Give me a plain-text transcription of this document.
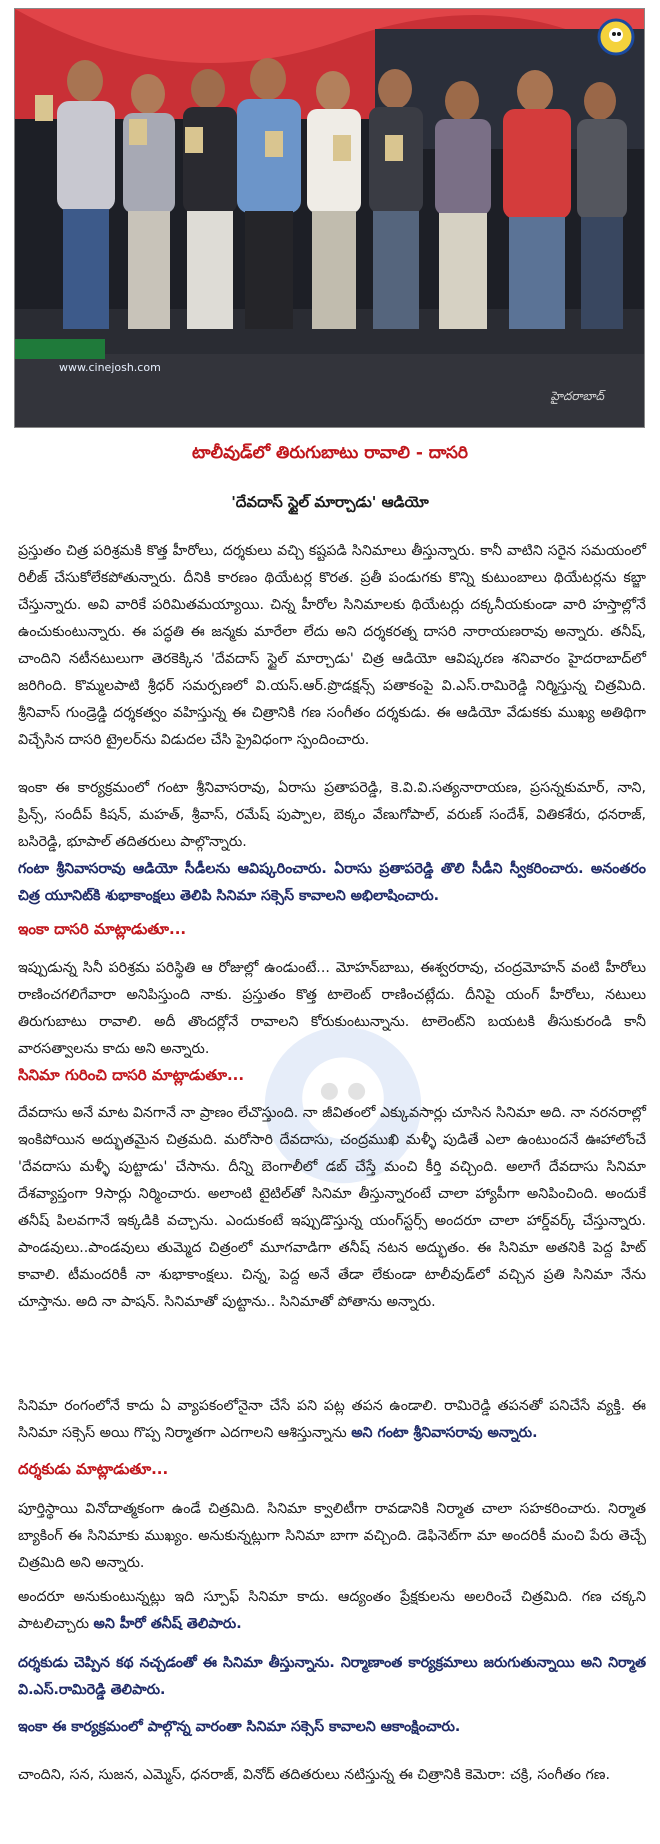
www.cinejosh.com
హైదరాబాద్
టాలీవుడ్‌లో తిరుగుబాటు రావాలి - దాసరి
'దేవదాస్ స్టైల్ మార్చాడు' ఆడియో

ప్రస్తుతం చిత్ర పరిశ్రమకి కొత్త హీరోలు, దర్శకులు వచ్చి కష్టపడి సినిమాలు తీస్తున్నారు. కానీ వాటిని సరైన సమయంలో రిలీజ్ చేసుకోలేకపోతున్నారు. దీనికి కారణం థియేటర్ల కొరత. ప్రతీ పండుగకు కొన్ని కుటుంబాలు థియేటర్లను కబ్జా చేస్తున్నారు. అవి వారికే పరిమితమయ్యాయి. చిన్న హీరోల సినిమాలకు థియేటర్లు దక్కనీయకుండా వారి హస్తాల్లోనే ఉంచుకుంటున్నారు. ఈ పద్ధతి ఈ జన్మకు మారేలా లేదు అని దర్శకరత్న దాసరి నారాయణరావు అన్నారు. తనీష్, చాందిని నటీనటులుగా తెరకెక్కిన 'దేవదాస్ స్టైల్ మార్చాడు' చిత్ర ఆడియో ఆవిష్కరణ శనివారం హైదరాబాద్‌లో జరిగింది. కొమ్మలపాటి శ్రీధర్ సమర్పణలో వి.యస్.ఆర్.ప్రొడక్షన్స్ పతాకంపై వి.ఎస్.రామిరెడ్డి నిర్మిస్తున్న చిత్రమిది. శ్రీనివాస్ గుండ్రెడ్డి దర్శకత్వం వహిస్తున్న ఈ చిత్రానికి గణ సంగీతం దర్శకుడు. ఈ ఆడియో వేడుకకు ముఖ్య అతిథిగా విచ్చేసిన దాసరి ట్రైలర్‌ను విడుదల చేసి ప్రైవిధంగా స్పందించారు.

ఇంకా ఈ కార్యక్రమంలో గంటా శ్రీనివాసరావు, ఏరాసు ప్రతాపరెడ్డి, కె.వి.వి.సత్యనారాయణ, ప్రసన్నకుమార్, నాని, ప్రిన్స్, సందీప్ కిషన్, మహత్, శ్రీవాస్, రమేష్ పుప్పాల, బెక్కం వేణుగోపాల్, వరుణ్ సందేశ్, వితికశేరు, ధనరాజ్, బసిరెడ్డి, భూపాల్ తదితరులు పాల్గొన్నారు.

గంటా శ్రీనివాసరావు ఆడియో సీడీలను ఆవిష్కరించారు. ఏరాసు ప్రతాపరెడ్డి తొలి సీడీని స్వీకరించారు. అనంతరం చిత్ర యూనిట్‌కి శుభాకాంక్షలు తెలిపి సినిమా సక్సెస్ కావాలని అభిలాషించారు.

ఇంకా దాసరి మాట్లాడుతూ...

ఇప్పుడున్న సినీ పరిశ్రమ పరిస్థితి ఆ రోజుల్లో ఉండుంటే... మోహన్‌బాబు, ఈశ్వరరావు, చంద్రమోహన్ వంటి హీరోలు రాణించగలిగేవారా అనిపిస్తుంది నాకు. ప్రస్తుతం కొత్త టాలెంట్ రాణించట్లేదు. దీనిపై యంగ్ హీరోలు, నటులు తిరుగుబాటు రావాలి. అదీ తొందర్లోనే రావాలని కోరుకుంటున్నాను. టాలెంట్‌ని బయటకి తీసుకురండి కానీ వారసత్వాలను కాదు అని అన్నారు.

సినిమా గురించి దాసరి మాట్లాడుతూ...

దేవదాసు అనే మాట వినగానే నా ప్రాణం లేచొస్తుంది. నా జీవితంలో ఎక్కువసార్లు చూసిన సినిమా అది. నా నరనరాల్లో ఇంకిపోయిన అద్భుతమైన చిత్రమది. మరోసారి దేవదాసు, చంద్రముఖి మళ్ళీ పుడితే ఎలా ఉంటుందనే ఊహాలోంచే 'దేవదాసు మళ్ళీ పుట్టాడు' చేసాను. దీన్ని బెంగాలీలో డబ్ చేస్తే మంచి కీర్తి వచ్చింది. అలాగే దేవదాసు సినిమా దేశవ్యాప్తంగా 9సార్లు నిర్మించారు. అలాంటి టైటిల్‌తో సినిమా తీస్తున్నారంటే చాలా హ్యాపీగా అనిపించింది. అందుకే తనీష్ పిలవగానే ఇక్కడికి వచ్చాను. ఎందుకంటే ఇప్పుడొస్తున్న యంగ్‌స్టర్స్ అందరూ చాలా హార్డ్‌వర్క్ చేస్తున్నారు. పాండవులు..పాండవులు తుమ్మెద చిత్రంలో మూగవాడిగా తనీష్ నటన అద్భుతం. ఈ సినిమా అతనికి పెద్ద హిట్ కావాలి. టీమందరికీ నా శుభాకాంక్షలు. చిన్న, పెద్ద అనే తేడా లేకుండా టాలీవుడ్‌లో వచ్చిన ప్రతి సినిమా నేను చూస్తాను. అది నా పాషన్. సినిమాతో పుట్టాను.. సినిమాతో పోతాను అన్నారు.

సినిమా రంగంలోనే కాదు ఏ వ్యాపకంలోనైనా చేసే పని పట్ల తపన ఉండాలి. రామిరెడ్డి తపనతో పనిచేసే వ్యక్తి. ఈ సినిమా సక్సెస్ అయి గొప్ప నిర్మాతగా ఎదగాలని ఆశిస్తున్నాను అని గంటా శ్రీనివాసరావు అన్నారు.

దర్శకుడు మాట్లాడుతూ...

పూర్తిస్థాయి వినోదాత్మకంగా ఉండే చిత్రమిది. సినిమా క్వాలిటీగా రావడానికి నిర్మాత చాలా సహకరించారు. నిర్మాత బ్యాకింగ్ ఈ సినిమాకు ముఖ్యం. అనుకున్నట్లుగా సినిమా బాగా వచ్చింది. డెఫినెట్‌గా మా అందరికీ మంచి పేరు తెచ్చే చిత్రమిది అని అన్నారు.

అందరూ అనుకుంటున్నట్లు ఇది స్పూఫ్ సినిమా కాదు. ఆద్యంతం ప్రేక్షకులను అలరించే చిత్రమిది. గణ చక్కని పాటలిచ్చారు అని హీరో తనీష్ తెలిపారు.

దర్శకుడు చెప్పిన కథ నచ్చడంతో ఈ సినిమా తీస్తున్నాను. నిర్మాణాంత కార్యక్రమాలు జరుగుతున్నాయి అని నిర్మాత వి.ఎస్.రామిరెడ్డి తెలిపారు.

ఇంకా ఈ కార్యక్రమంలో పాల్గొన్న వారంతా సినిమా సక్సెస్ కావాలని ఆకాంక్షించారు.

చాందిని, సన, సుజన, ఎమ్మెస్, ధనరాజ్, వినోద్ తదితరులు నటిస్తున్న ఈ చిత్రానికి కెమెరా: చక్రి, సంగీతం గణ.
